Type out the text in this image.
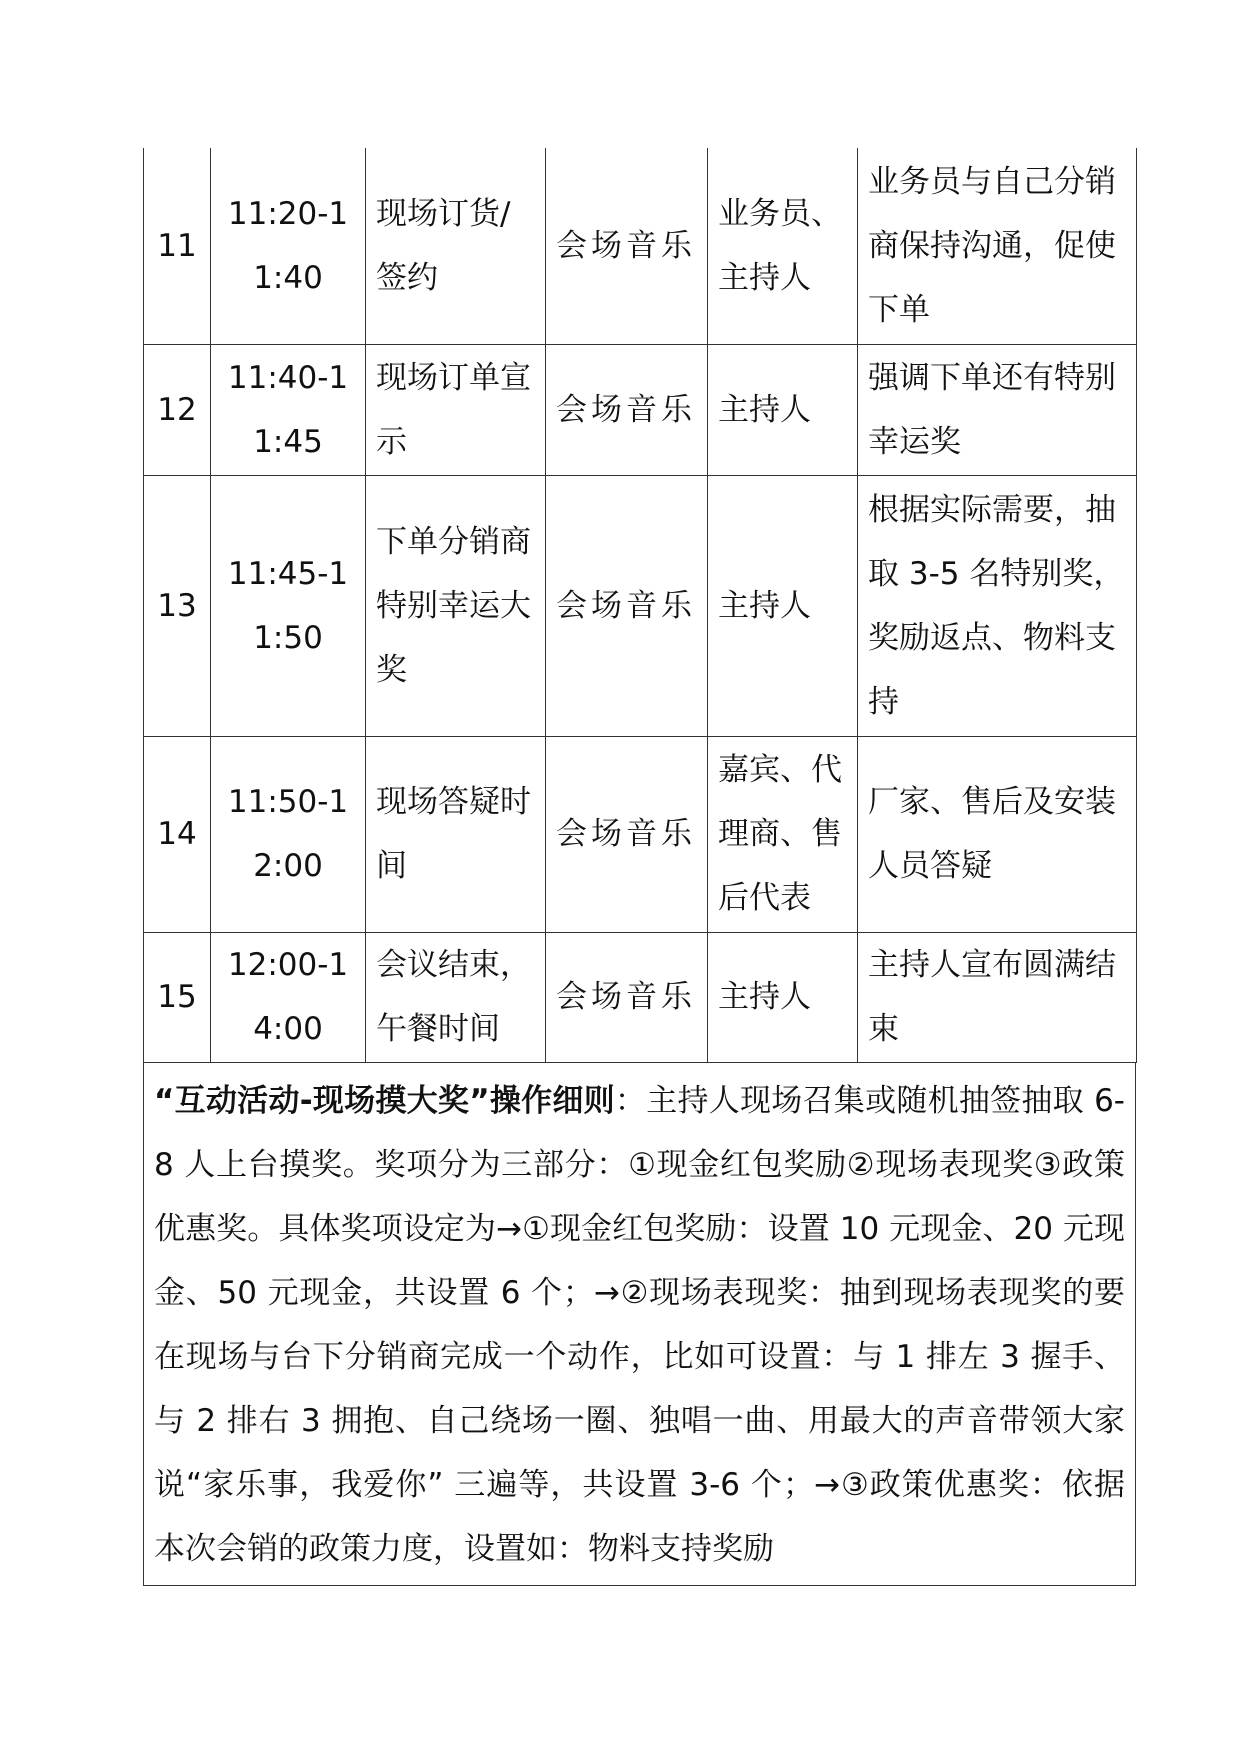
11	11:20-11:40	现场订货/签约	会场音乐	业务员、主持人	业务员与自己分销商保持沟通，促使下单
12	11:40-11:45	现场订单宣示	会场音乐	主持人	强调下单还有特别幸运奖
13	11:45-11:50	下单分销商特别幸运大奖	会场音乐	主持人	根据实际需要，抽取 3-5 名特别奖，奖励返点、物料支持
14	11:50-12:00	现场答疑时间	会场音乐	嘉宾、代理商、售后代表	厂家、售后及安装人员答疑
15	12:00-14:00	会议结束，午餐时间	会场音乐	主持人	主持人宣布圆满结束
“互动活动-现场摸大奖”操作细则：主持人现场召集或随机抽签抽取 6-8 人上台摸奖。奖项分为三部分：①现金红包奖励②现场表现奖③政策优惠奖。具体奖项设定为→①现金红包奖励：设置 10 元现金、20 元现金、50 元现金，共设置 6 个；→②现场表现奖：抽到现场表现奖的要在现场与台下分销商完成一个动作，比如可设置：与 1 排左 3 握手、与 2 排右 3 拥抱、自己绕场一圈、独唱一曲、用最大的声音带领大家说“家乐事，我爱你” 三遍等，共设置 3-6 个；→③政策优惠奖：依据本次会销的政策力度，设置如：物料支持奖励
